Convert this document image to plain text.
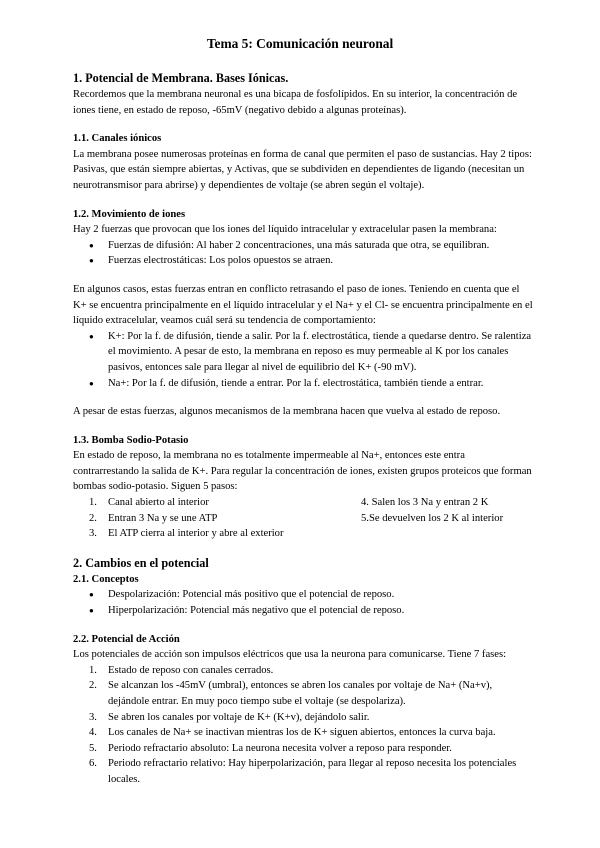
Tema 5: Comunicación neuronal
1. Potencial de Membrana. Bases Iónicas.

Recordemos que la membrana neuronal es una bicapa de fosfolípidos. En su interior, la concentración de iones tiene, en estado de reposo, -65mV (negativo debido a algunas proteínas).

1.1. Canales iónicos

La membrana posee numerosas proteínas en forma de canal que permiten el paso de sustancias. Hay 2 tipos: Pasivas, que están siempre abiertas, y Activas, que se subdividen en dependientes de ligando (necesitan un neurotransmisor para abrirse) y dependientes de voltaje (se abren según el voltaje).

1.2. Movimiento de iones

Hay 2 fuerzas que provocan que los iones del líquido intracelular y extracelular pasen la membrana:

● Fuerzas de difusión: Al haber 2 concentraciones, una más saturada que otra, se equilibran.
● Fuerzas electrostáticas: Los polos opuestos se atraen.

En algunos casos, estas fuerzas entran en conflicto retrasando el paso de iones. Teniendo en cuenta que el K+ se encuentra principalmente en el líquido intracelular y el Na+ y el Cl- se encuentra principalmente en el líquido extracelular, veamos cuál será su tendencia de comportamiento:

● K+: Por la f. de difusión, tiende a salir. Por la f. electrostática, tiende a quedarse dentro. Se ralentiza el movimiento. A pesar de esto, la membrana en reposo es muy permeable al K por los canales pasivos, entonces sale para llegar al nivel de equilibrio del K+ (-90 mV).
● Na+: Por la f. de difusión, tiende a entrar. Por la f. electrostática, también tiende a entrar.

A pesar de estas fuerzas, algunos mecanismos de la membrana hacen que vuelva al estado de reposo.

1.3. Bomba Sodio-Potasio

En estado de reposo, la membrana no es totalmente impermeable al Na+, entonces este entra contrarrestando la salida de K+. Para regular la concentración de iones, existen grupos proteicos que forman bombas sodio-potasio. Siguen 5 pasos:

1. Canal abierto al interior
2. Entran 3 Na y se une ATP
3. El ATP cierra al interior y abre al exterior
4. Salen los 3 Na y entran 2 K
5.Se devuelven los 2 K al interior
2. Cambios en el potencial
2.1. Conceptos
● Despolarización: Potencial más positivo que el potencial de reposo.
● Hiperpolarización: Potencial más negativo que el potencial de reposo.
2.2. Potencial de Acción

Los potenciales de acción son impulsos eléctricos que usa la neurona para comunicarse. Tiene 7 fases:

1. Estado de reposo con canales cerrados.
2. Se alcanzan los -45mV (umbral), entonces se abren los canales por voltaje de Na+ (Na+v), dejándole entrar. En muy poco tiempo sube el voltaje (se despolariza).
3. Se abren los canales por voltaje de K+ (K+v), dejándolo salir.
4. Los canales de Na+ se inactivan mientras los de K+ siguen abiertos, entonces la curva baja.
5. Periodo refractario absoluto: La neurona necesita volver a reposo para responder.
6. Periodo refractario relativo: Hay hiperpolarización, para llegar al reposo necesita los potenciales locales.
